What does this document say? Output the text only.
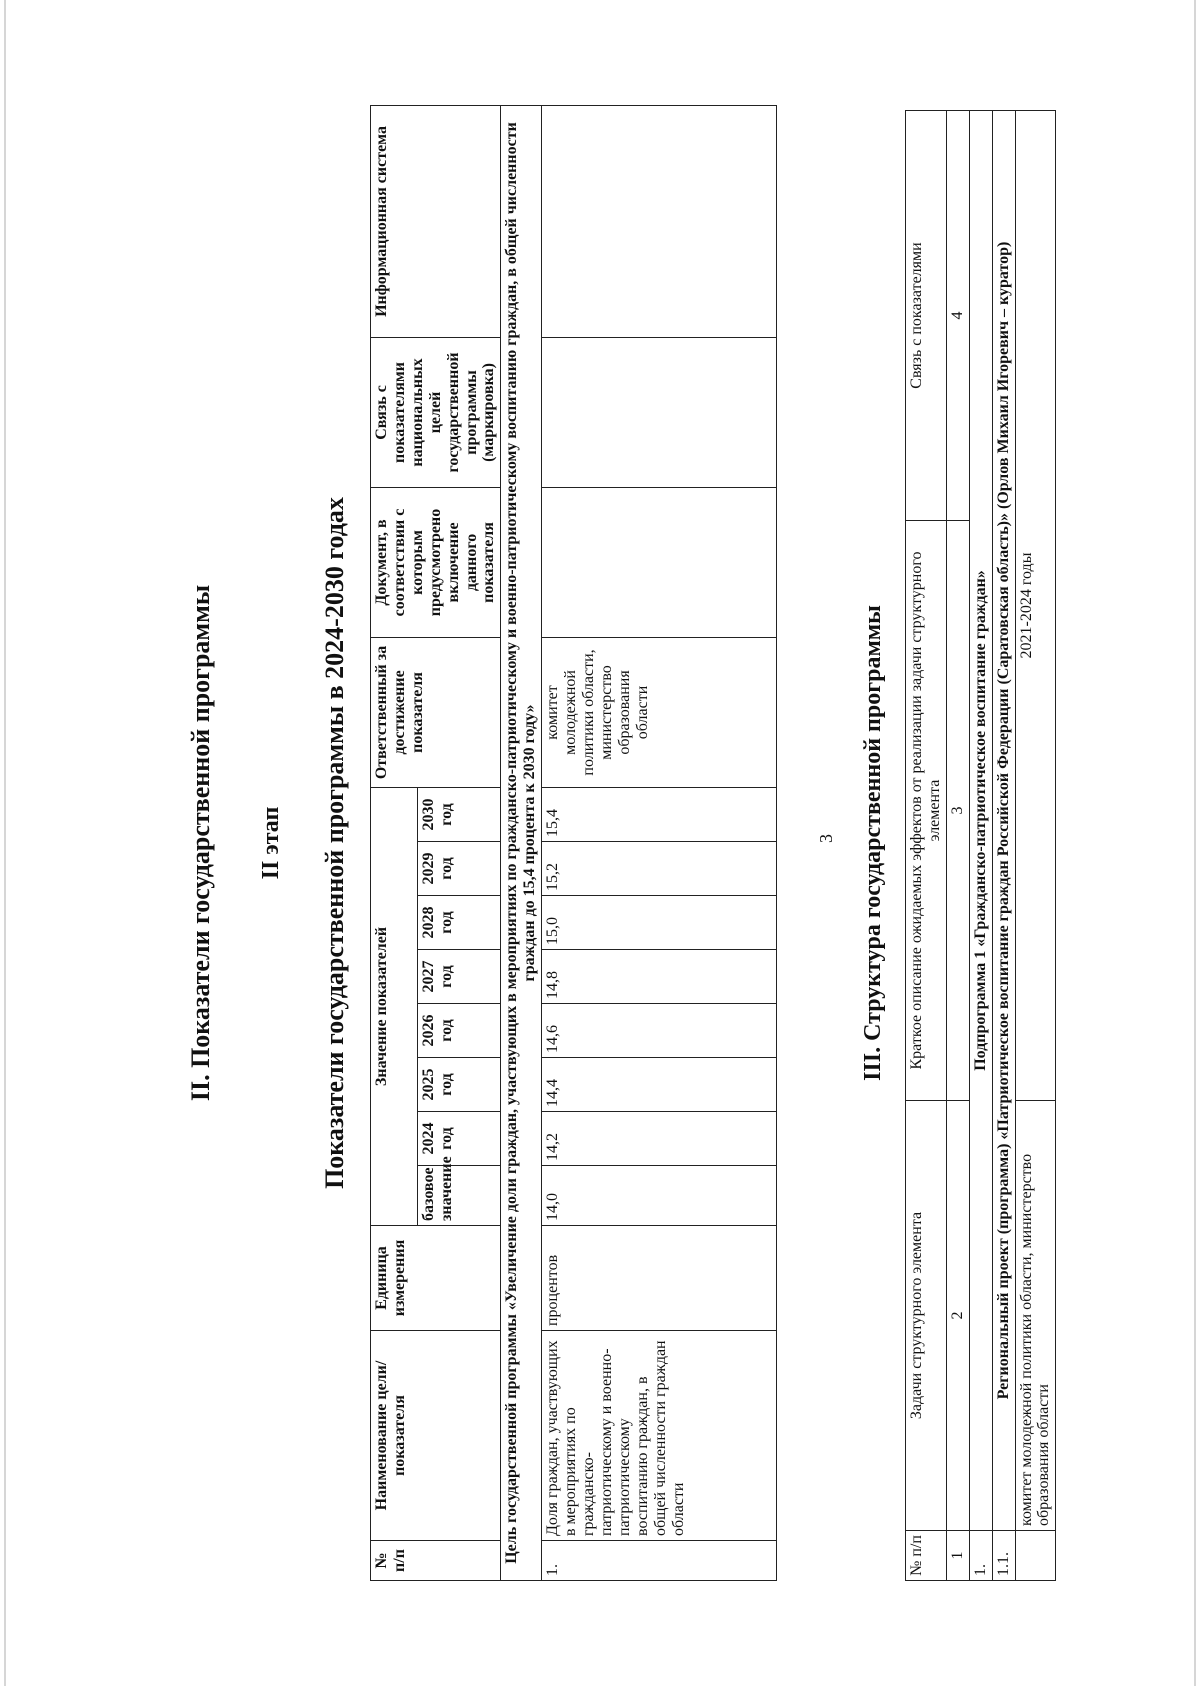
3
II. Показатели государственной программы II этап Показатели государственной программы в 2024-2030 годах
№ п/п	Наименование цели/показателя	Единица измерения	Значение показателей								Ответственный за достижение показателя	Документ, в соответствии с которым предусмотрено включение данного показателя	Связь с показателями национальных целей государственной программы (маркировка)	Информационная система
			базовое значение	2024 год	2025 год	2026 год	2027 год	2028 год	2029 год	2030 год				
Цель государственной программы «Увеличение доли граждан, участвующих в мероприятиях по гражданско-патриотическому и военно-патриотическому воспитанию граждан, в общей численности граждан до 15,4 процента к 2030 году»														
1.	Доля граждан, участвующих в мероприятиях по гражданско-патриотическому и военно-патриотическому воспитанию граждан, в общей численности граждан области	процентов	14,0	14,2	14,4	14,6	14,8	15,0	15,2	15,4	комитет молодежной политики области, министерство образования области				III. Структура государственной программы
№ п/п	Задачи структурного элемента	Краткое описание ожидаемых эффектов от реализации задачи структурного элемента	Связь с показателями
1	2	3	4
1.	Подпрограмма 1 «Гражданско-патриотическое воспитание граждан»		
1.1.	Региональный проект (программа) «Патриотическое воспитание граждан Российской Федерации (Саратовская область)» (Орлов Михаил Игоревич – куратор)		
	комитет молодежной политики области, министерство образования области	2021-2024 годы	
